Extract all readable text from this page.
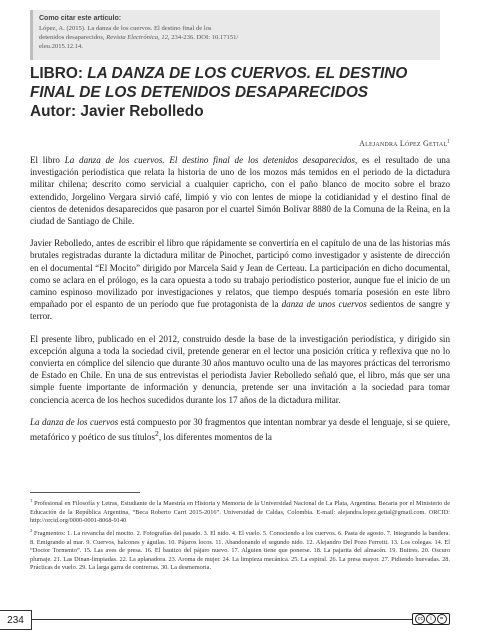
Como citar este artículo:
López, A. (2015). La danza de los cuervos. El destino final de los
detenidos desaparecidos, Revista Electrónica, 12, 234-236. DOI: 10.17151/
eleu.2015.12.14.
LIBRO: LA DANZA DE LOS CUERVOS. EL DESTINO FINAL DE LOS DETENIDOS DESAPARECIDOS
Autor: Javier Rebolledo
Alejandra López Getial$^1$

El libro La danza de los cuervos. El destino final de los detenidos desaparecidos, es el resultado de una investigación periodística que relata la historia de uno de los mozos más temidos en el periodo de la dictadura militar chilena; descrito como servicial a cualquier capricho, con el paño blanco de mocito sobre el brazo extendido, Jorgelino Vergara sirvió café, limpió y vio con lentes de miope la cotidianidad y el destino final de cientos de detenidos desaparecidos que pasaron por el cuartel Simón Bolívar 8880 de la Comuna de la Reina, en la ciudad de Santiago de Chile.

Javier Rebolledo, antes de escribir el libro que rápidamente se convertiría en el capítulo de una de las historias más brutales registradas durante la dictadura militar de Pinochet, participó como investigador y asistente de dirección en el documental “El Mocito” dirigido por Marcela Said y Jean de Certeau. La participación en dicho documental, como se aclara en el prólogo, es la cara opuesta a todo su trabajo periodístico posterior, aunque fue el inicio de un camino espinoso movilizado por investigaciones y relatos, que tiempo después tomaría posesión en este libro empañado por el espanto de un período que fue protagonista de la danza de unos cuervos sedientos de sangre y terror.

El presente libro, publicado en el 2012, construido desde la base de la investigación periodística, y dirigido sin excepción alguna a toda la sociedad civil, pretende generar en el lector una posición crítica y reflexiva que no lo convierta en cómplice del silencio que durante 30 años mantuvo oculto una de las mayores prácticas del terrorismo de Estado en Chile. En una de sus entrevistas el periodista Javier Rebolledo señaló que, el libro, más que ser una simple fuente importante de información y denuncia, pretende ser una invitación a la sociedad para tomar conciencia acerca de los hechos sucedidos durante los 17 años de la dictadura militar.

La danza de los cuervos está compuesto por 30 fragmentos que intentan nombrar ya desde el lenguaje, si se quiere, metafórico y poético de sus títulos$^2$, los diferentes momentos de la

$^1$ Profesional en Filosofía y Letras, Estudiante de la Maestría en Historia y Memoria de la Universidad Nacional de La Plata, Argentina. Becaria por el Ministerio de Educación de la República Argentina, “Beca Roberto Carri 2015-2016”. Universidad de Caldas, Colombia. E-mail: alejandra.lopez.getial@gmail.com. ORCID: http://orcid.org/0000-0001-8068-9140

$^2$ Fragmentos: 1. La revancha del mocito. 2. Fotografías del pasado. 3. El nido. 4. El vuelo. 5. Conociendo a los cuervos. 6. Pasta de agosto. 7. Integrando la bandera. 8. Emigrando al mar. 9. Cuervos, halcones y águilas. 10. Pájaros locos. 11. Abandonando el segundo nido. 12. Alejandro Del Pozo Ferretti. 13. Los colegas. 14. El “Doctor Tormento”. 15. Las aves de presa. 16. El bautizo del pájaro nuevo. 17. Alguien tiene que ponerse. 18. La pajarita del almacén. 19. Buitres. 20. Oscuro plumaje. 21. Las Dinan-limpiadas. 22. La aplanadora. 23. Aroma de mujer. 24. La limpieza mecánica. 25. La espiral. 26. La presa mayor. 27. Pidiendo huevadas. 28. Prácticas de vuelo. 29. La larga garra de contrerras. 30. La desmemoria.

234	cc	i	=
